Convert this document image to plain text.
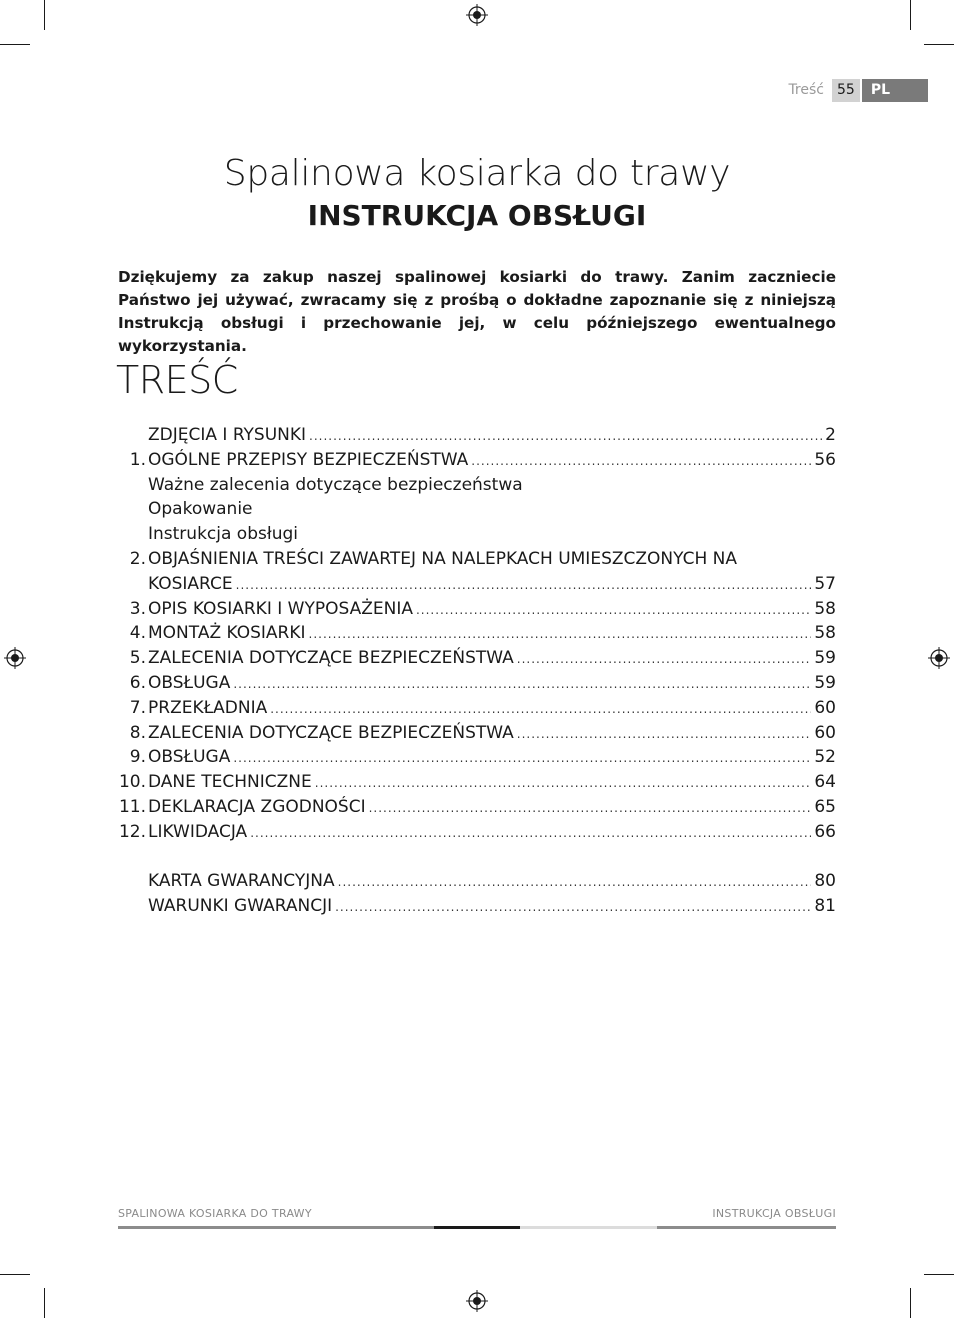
Treść 55	PL
Spalinowa kosiarka do trawy
INSTRUKCJA OBSŁUGI
Dziękujemy za zakup naszej spalinowej kosiarki do trawy. Zanim zaczniecie Państwo jej używać, zwracamy się z prośbą o dokładne zapoznanie się z niniejszą Instrukcją obsługi i przechowanie jej, w celu późniejszego ewentualnego wykorzystania.
TREŚĆ
ZDJĘCIA I RYSUNKI .....	2
1. OGÓLNE PRZEPISY BEZPIECZEŃSTWA .....	56
Ważne zalecenia dotyczące bezpieczeństwa
Opakowanie
Instrukcja obsługi
2. OBJAŚNIENIA TREŚCI ZAWARTEJ NA NALEPKACH UMIESZCZONYCH NA
KOSIARCE .....	57
3. OPIS KOSIARKI I WYPOSAŻENIA .....	58
4. MONTAŻ KOSIARKI .....	58
5. ZALECENIA DOTYCZĄCE BEZPIECZEŃSTWA .....	59
6. OBSŁUGA .....	59
7. PRZEKŁADNIA .....	60
8. ZALECENIA DOTYCZĄCE BEZPIECZEŃSTWA .....	60
9. OBSŁUGA .....	52
10. DANE TECHNICZNE .....	64
11. DEKLARACJA ZGODNOŚCI .....	65
12. LIKWIDACJA .....	66
KARTA GWARANCYJNA .....	80
WARUNKI GWARANCJI .....	81
SPALINOWA KOSIARKA DO TRAWY	INSTRUKCJA OBSŁUGI
